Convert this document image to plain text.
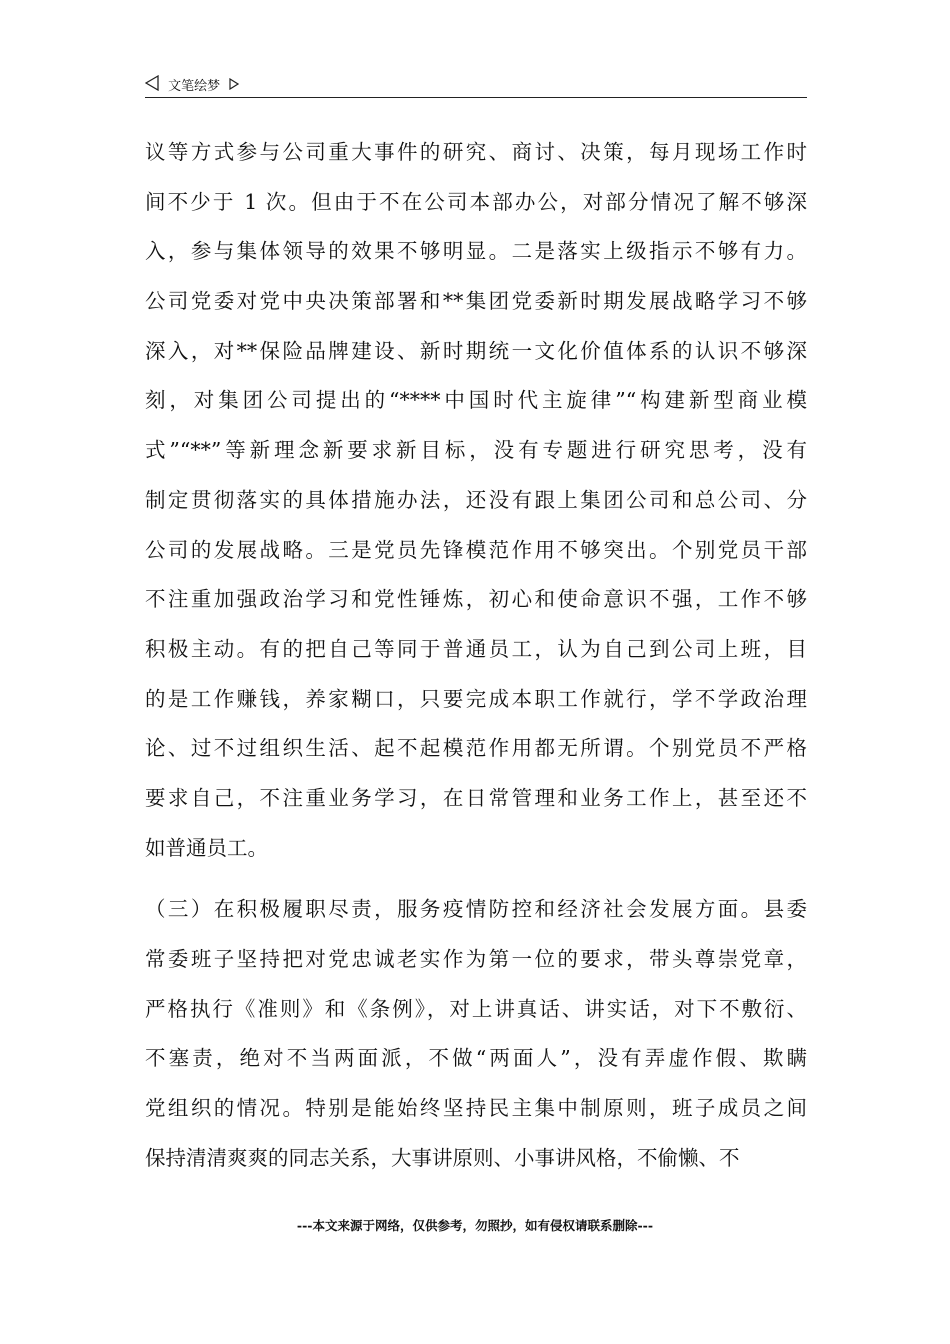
文笔绘梦
议等方式参与公司重大事件的研究、商讨、决策，每月现场工作时
间不少于 1 次。但由于不在公司本部办公，对部分情况了解不够深
入，参与集体领导的效果不够明显。二是落实上级指示不够有力。
公司党委对党中央决策部署和**集团党委新时期发展战略学习不够
深入，对**保险品牌建设、新时期统一文化价值体系的认识不够深
刻，对集团公司提出的“****中国时代主旋律”“构建新型商业模
式”“**”等新理念新要求新目标，没有专题进行研究思考，没有
制定贯彻落实的具体措施办法，还没有跟上集团公司和总公司、分
公司的发展战略。三是党员先锋模范作用不够突出。个别党员干部
不注重加强政治学习和党性锤炼，初心和使命意识不强，工作不够
积极主动。有的把自己等同于普通员工，认为自己到公司上班，目
的是工作赚钱，养家糊口，只要完成本职工作就行，学不学政治理
论、过不过组织生活、起不起模范作用都无所谓。个别党员不严格
要求自己，不注重业务学习，在日常管理和业务工作上，甚至还不
如普通员工。
（三）在积极履职尽责，服务疫情防控和经济社会发展方面。县委
常委班子坚持把对党忠诚老实作为第一位的要求，带头尊崇党章，
严格执行《准则》和《条例》，对上讲真话、讲实话，对下不敷衍、
不塞责，绝对不当两面派，不做“两面人”，没有弄虚作假、欺瞒
党组织的情况。特别是能始终坚持民主集中制原则，班子成员之间
保持清清爽爽的同志关系，大事讲原则、小事讲风格，不偷懒、不
---本文来源于网络，仅供参考，勿照抄，如有侵权请联系删除---
